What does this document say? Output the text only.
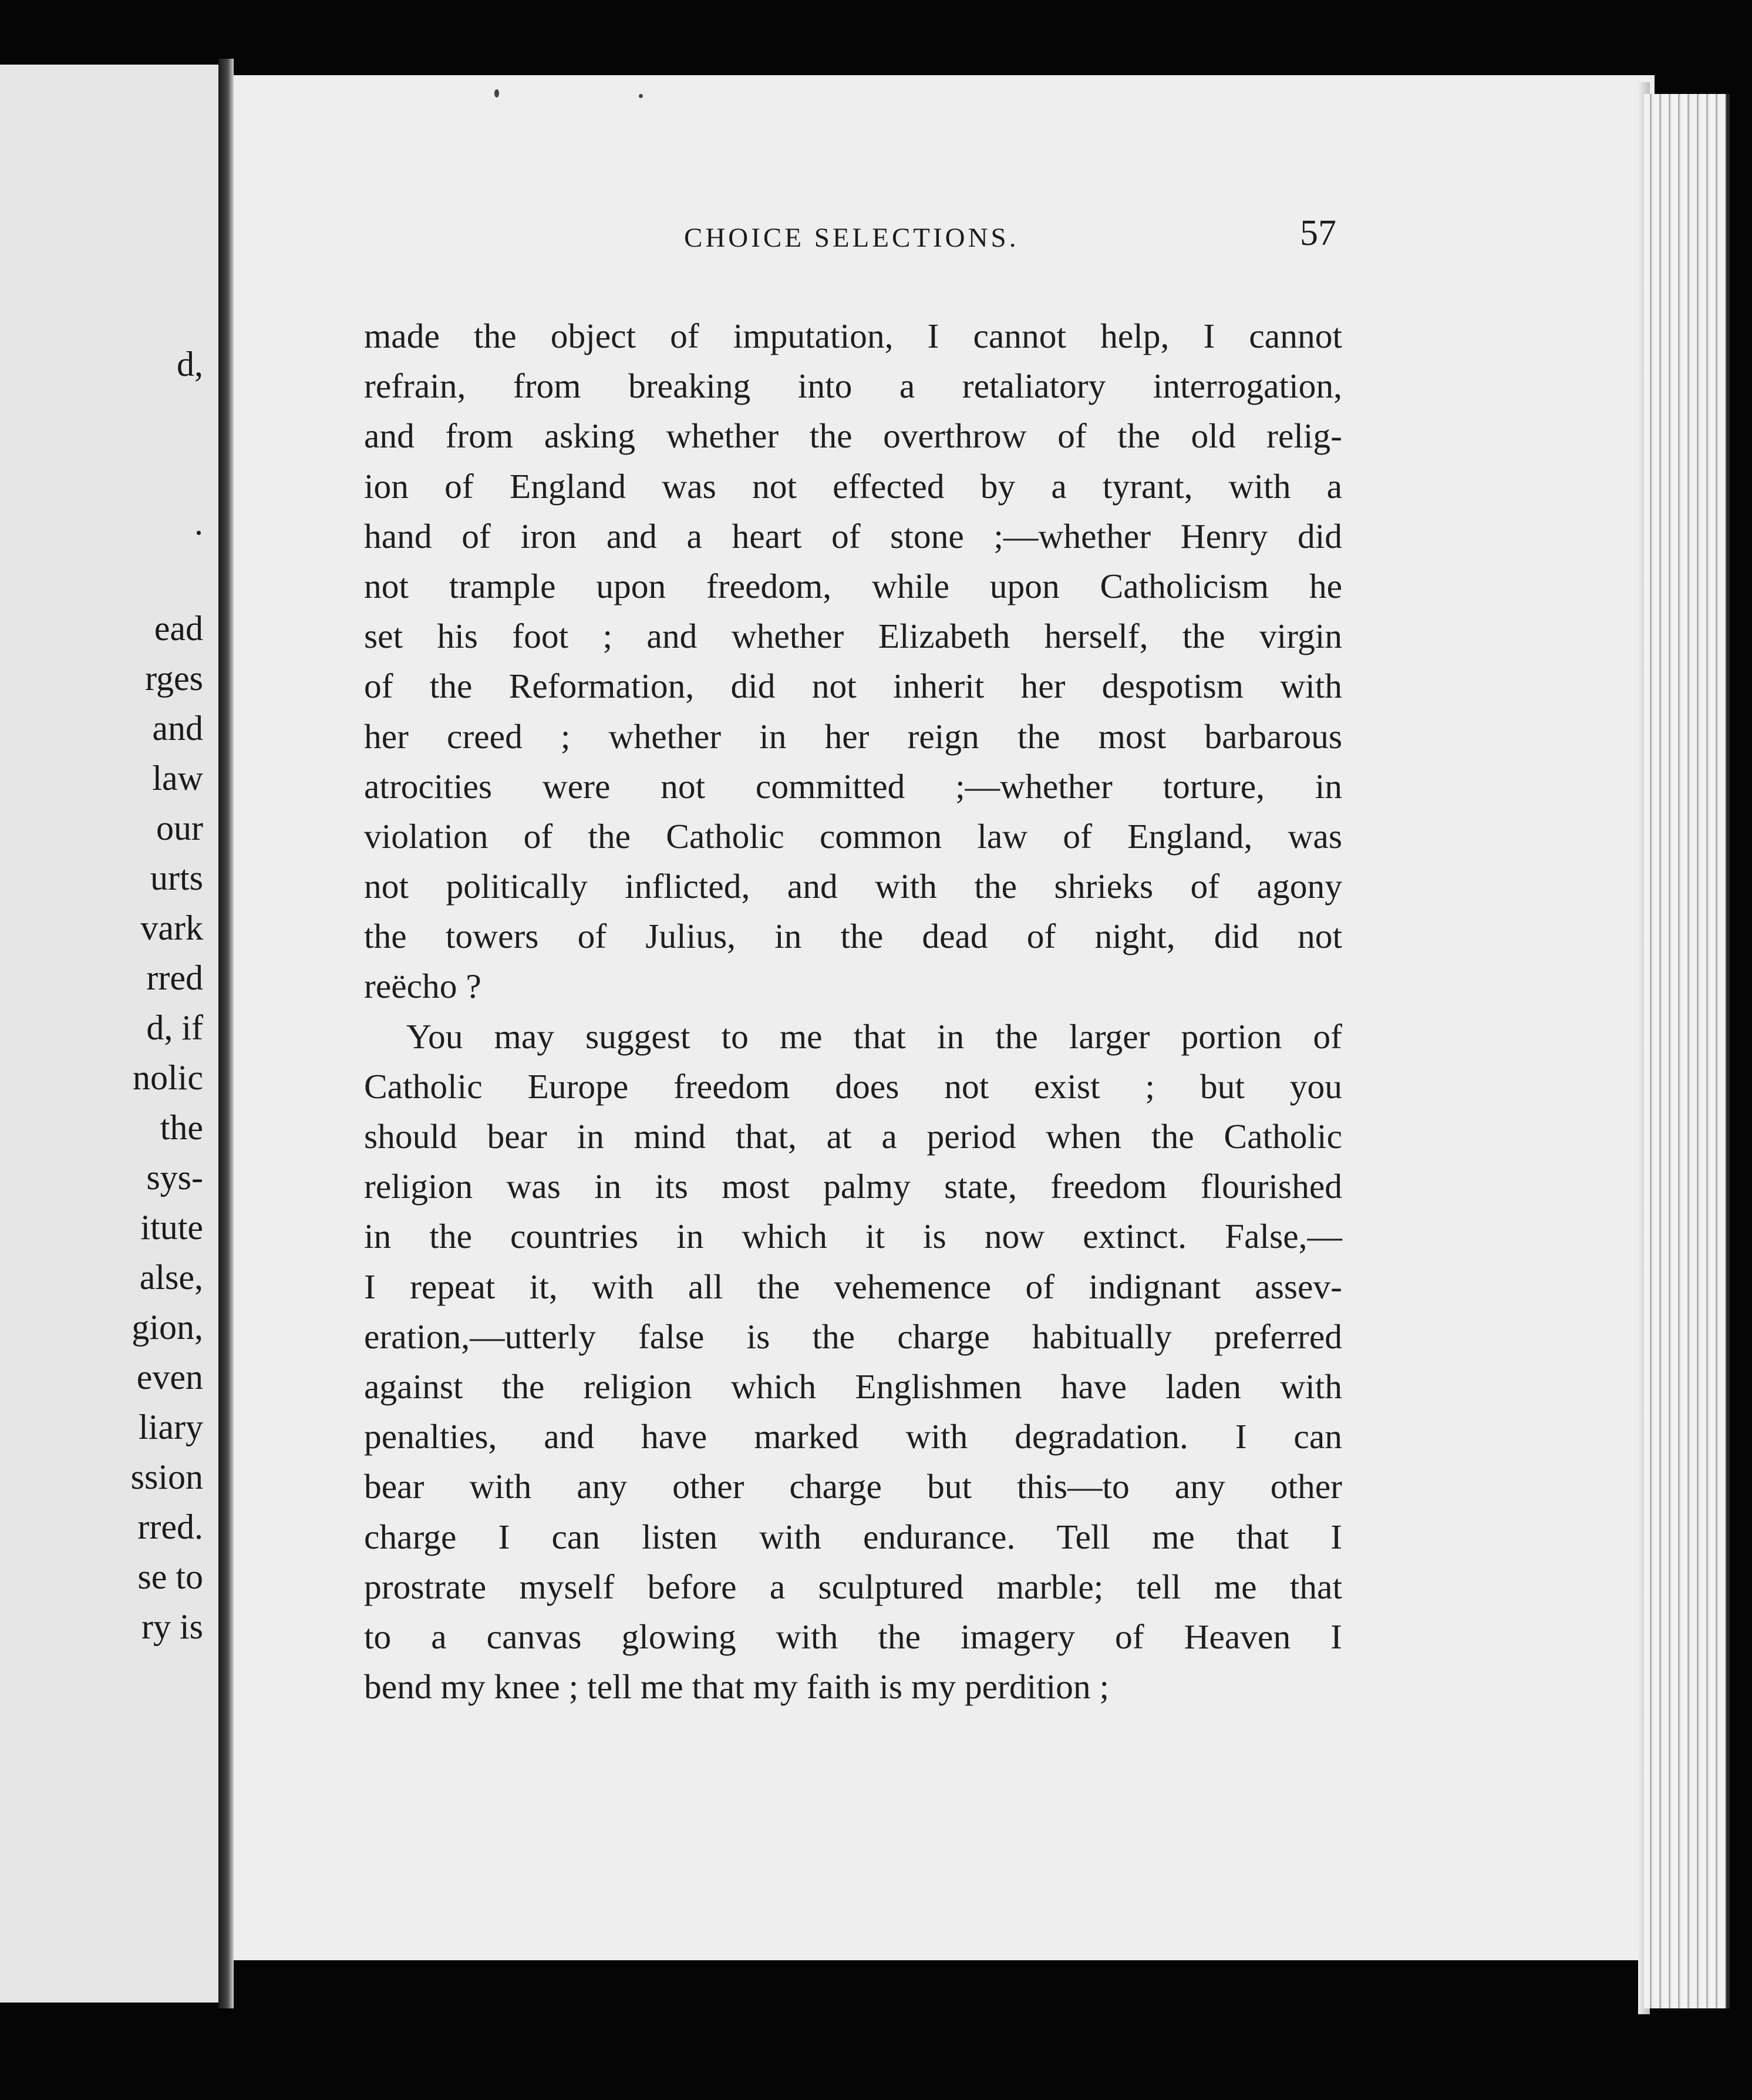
d,
.
ead
rges
and
law
our
urts
vark
rred
d, if
nolic
the
sys-
itute
alse,
gion,
even
liary
ssion
rred.
se to
ry is
CHOICE SELECTIONS.	57
made the object of imputation, I cannot help, I cannot
refrain, from breaking into a retaliatory interrogation,
and from asking whether the overthrow of the old relig-
ion of England was not effected by a tyrant, with a
hand of iron and a heart of stone ;—whether Henry did
not trample upon freedom, while upon Catholicism he
set his foot ; and whether Elizabeth herself, the virgin
of the Reformation, did not inherit her despotism with
her creed ; whether in her reign the most barbarous
atrocities were not committed ;—whether torture, in
violation of the Catholic common law of England, was
not politically inflicted, and with the shrieks of agony
the towers of Julius, in the dead of night, did not
reëcho ?
You may suggest to me that in the larger portion of
Catholic Europe freedom does not exist ; but you
should bear in mind that, at a period when the Catholic
religion was in its most palmy state, freedom flourished
in the countries in which it is now extinct. False,—
I repeat it, with all the vehemence of indignant assev-
eration,—utterly false is the charge habitually preferred
against the religion which Englishmen have laden with
penalties, and have marked with degradation. I can
bear with any other charge but this—to any other
charge I can listen with endurance. Tell me that I
prostrate myself before a sculptured marble; tell me that
to a canvas glowing with the imagery of Heaven I
bend my knee ; tell me that my faith is my perdition ;
